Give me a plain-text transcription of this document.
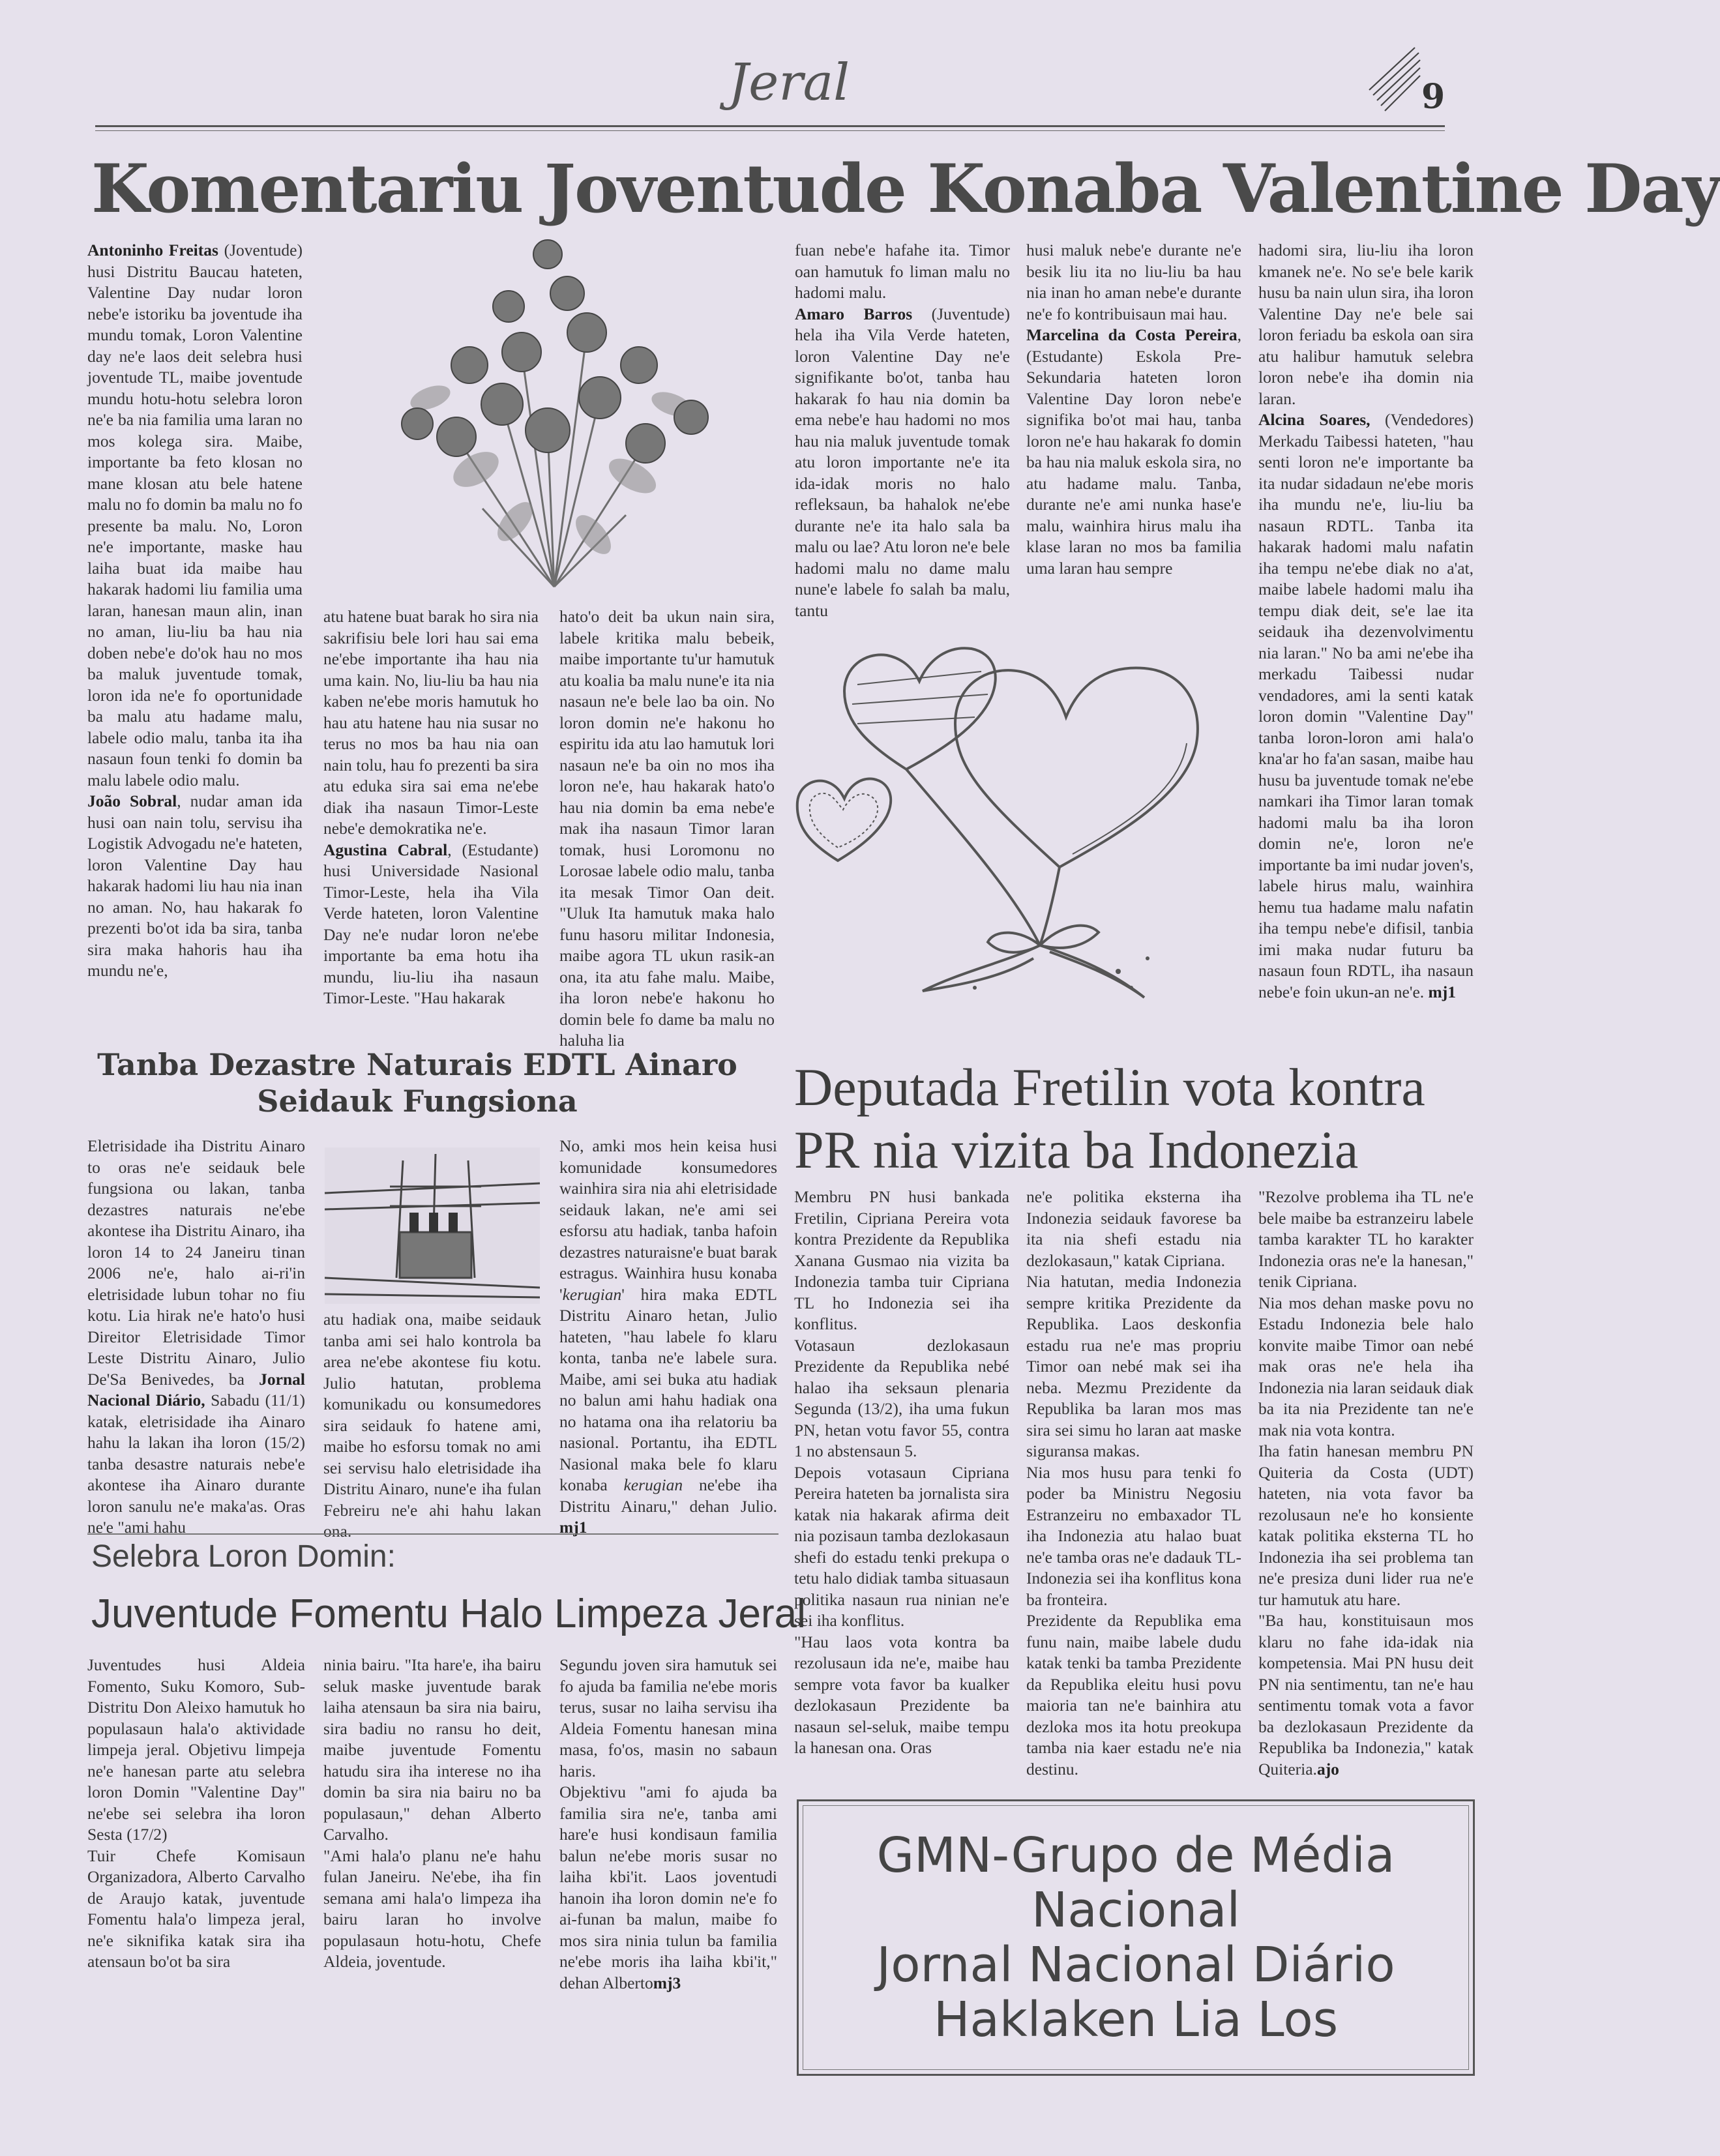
Jeral	9
Komentariu Joventude Konaba Valentine Day
Antoninho Freitas (Joventude) husi Distritu Baucau hateten, Valentine Day nudar loron nebe'e istoriku ba joventude iha mundu tomak, Loron Valentine day ne'e laos deit selebra husi joventude TL, maibe joventude mundu hotu-hotu selebra loron ne'e ba nia familia uma laran no mos kolega sira. Maibe, importante ba feto klosan no mane klosan atu bele hatene malu no fo domin ba malu no fo presente ba malu. No, Loron ne'e importante, maske hau laiha buat ida maibe hau hakarak hadomi liu familia uma laran, hanesan maun alin, inan no aman, liu-liu ba hau nia doben nebe'e do'ok hau no mos ba maluk juventude tomak, loron ida ne'e fo oportunidade ba malu atu hadame malu, labele odio malu, tanba ita iha nasaun foun tenki fo domin ba malu labele odio malu.
João Sobral, nudar aman ida husi oan nain tolu, servisu iha Logistik Advogadu ne'e hateten, loron Valentine Day hau hakarak hadomi liu hau nia inan no aman. No, hau hakarak fo prezenti bo'ot ida ba sira, tanba sira maka hahoris hau iha mundu ne'e,
atu hatene buat barak ho sira nia sakrifisiu bele lori hau sai ema ne'ebe importante iha hau nia uma kain. No, liu-liu ba hau nia kaben ne'ebe moris hamutuk ho hau atu hatene hau nia susar no terus no mos ba hau nia oan nain tolu, hau fo prezenti ba sira atu eduka sira sai ema ne'ebe diak iha nasaun Timor-Leste nebe'e demokratika ne'e.
Agustina Cabral, (Estudante) husi Universidade Nasional Timor-Leste, hela iha Vila Verde hateten, loron Valentine Day ne'e nudar loron ne'ebe importante ba ema hotu iha mundu, liu-liu iha nasaun Timor-Leste. "Hau hakarak
hato'o deit ba ukun nain sira, labele kritika malu bebeik, maibe importante tu'ur hamutuk atu koalia ba malu nune'e ita nia nasaun ne'e bele lao ba oin. No loron domin ne'e hakonu ho espiritu ida atu lao hamutuk lori nasaun ne'e ba oin no mos iha loron ne'e, hau hakarak hato'o hau nia domin ba ema nebe'e mak iha nasaun Timor laran tomak, husi Loromonu no Lorosae labele odio malu, tanba ita mesak Timor Oan deit. "Uluk Ita hamutuk maka halo funu hasoru militar Indonesia, maibe agora TL ukun rasik-an ona, ita atu fahe malu. Maibe, iha loron nebe'e hakonu ho domin bele fo dame ba malu no haluha lia
fuan nebe'e hafahe ita. Timor oan hamutuk fo liman malu no hadomi malu.
Amaro Barros (Juventude) hela iha Vila Verde hateten, loron Valentine Day ne'e signifikante bo'ot, tanba hau hakarak fo hau nia domin ba ema nebe'e hau hadomi no mos hau nia maluk juventude tomak atu loron importante ne'e ita ida-idak moris no halo refleksaun, ba hahalok ne'ebe durante ne'e ita halo sala ba malu ou lae? Atu loron ne'e bele hadomi malu no dame malu nune'e labele fo salah ba malu, tantu
husi maluk nebe'e durante ne'e besik liu ita no liu-liu ba hau nia inan ho aman nebe'e durante ne'e fo kontribuisaun mai hau.
Marcelina da Costa Pereira, (Estudante) Eskola Pre-Sekundaria hateten loron Valentine Day loron nebe'e signifika bo'ot mai hau, tanba loron ne'e hau hakarak fo domin ba hau nia maluk eskola sira, no atu hadame malu. Tanba, durante ne'e ami nunka hase'e malu, wainhira hirus malu iha klase laran no mos ba familia uma laran hau sempre
hadomi sira, liu-liu iha loron kmanek ne'e. No se'e bele karik husu ba nain ulun sira, iha loron Valentine Day ne'e bele sai loron feriadu ba eskola oan sira atu halibur hamutuk selebra loron nebe'e iha domin nia laran.
Alcina Soares, (Vendedores) Merkadu Taibessi hateten, "hau senti loron ne'e importante ba ita nudar sidadaun ne'ebe moris iha mundu ne'e, liu-liu ba nasaun RDTL. Tanba ita hakarak hadomi malu nafatin iha tempu ne'ebe diak no a'at, maibe labele hadomi malu iha tempu diak deit, se'e lae ita seidauk iha dezenvolvimentu nia laran." No ba ami ne'ebe iha merkadu Taibessi nudar vendadores, ami la senti katak loron domin "Valentine Day" tanba loron-loron ami hala'o kna'ar ho fa'an sasan, maibe hau husu ba juventude tomak ne'ebe namkari iha Timor laran tomak hadomi malu ba iha loron domin ne'e, loron ne'e importante ba imi nudar joven's, labele hirus malu, wainhira hemu tua hadame malu nafatin iha tempu nebe'e difisil, tanbia imi maka nudar futuru ba nasaun foun RDTL, iha nasaun nebe'e foin ukun-an ne'e. mj1
Tanba Dezastre Naturais EDTL Ainaro Seidauk Fungsiona
Eletrisidade iha Distritu Ainaro to oras ne'e seidauk bele fungsiona ou lakan, tanba dezastres naturais ne'ebe akontese iha Distritu Ainaro, iha loron 14 to 24 Janeiru tinan 2006 ne'e, halo ai-ri'in eletrisidade lubun tohar no fiu kotu. Lia hirak ne'e hato'o husi Direitor Eletrisidade Timor Leste Distritu Ainaro, Julio De'Sa Benivedes, ba Jornal Nacional Diário, Sabadu (11/1) katak, eletrisidade iha Ainaro hahu la lakan iha loron (15/2) tanba desastre naturais nebe'e akontese iha Ainaro durante loron sanulu ne'e maka'as. Oras ne'e "ami hahu
atu hadiak ona, maibe seidauk tanba ami sei halo kontrola ba area ne'ebe akontese fiu kotu. Julio hatutan, problema komunikadu ou konsumedores sira seidauk fo hatene ami, maibe ho esforsu tomak no ami sei servisu halo eletrisidade iha Distritu Ainaro, nune'e iha fulan Febreiru ne'e ahi hahu lakan ona.
No, amki mos hein keisa husi komunidade konsumedores wainhira sira nia ahi eletrisidade seidauk lakan, ne'e ami sei esforsu atu hadiak, tanba hafoin dezastres naturaisne'e buat barak estragus. Wainhira husu konaba 'kerugian' hira maka EDTL Distritu Ainaro hetan, Julio hateten, "hau labele fo klaru konta, tanba ne'e labele sura. Maibe, ami sei buka atu hadiak no balun ami hahu hadiak ona no hatama ona iha relatoriu ba nasional. Portantu, iha EDTL Nasional maka bele fo klaru konaba kerugian ne'ebe iha Distritu Ainaru," dehan Julio. mj1
Selebra Loron Domin:
Juventude Fomentu Halo Limpeza Jeral
Juventudes husi Aldeia Fomento, Suku Komoro, Sub-Distritu Don Aleixo hamutuk ho populasaun hala'o aktividade limpeja jeral. Objetivu limpeja ne'e hanesan parte atu selebra loron Domin "Valentine Day" ne'ebe sei selebra iha loron Sesta (17/2)
Tuir Chefe Komisaun Organizadora, Alberto Carvalho de Araujo katak, juventude Fomentu hala'o limpeza jeral, ne'e siknifika katak sira iha atensaun bo'ot ba sira
ninia bairu. "Ita hare'e, iha bairu seluk maske juventude barak laiha atensaun ba sira nia bairu, sira badiu no ransu ho deit, maibe juventude Fomentu hatudu sira iha interese no iha domin ba sira nia bairu no ba populasaun," dehan Alberto Carvalho.
"Ami hala'o planu ne'e hahu fulan Janeiru. Ne'ebe, iha fin semana ami hala'o limpeza iha bairu laran ho involve populasaun hotu-hotu, Chefe Aldeia, joventude.
Segundu joven sira hamutuk sei fo ajuda ba familia ne'ebe moris terus, susar no laiha servisu iha Aldeia Fomentu hanesan mina masa, fo'os, masin no sabaun haris.
Objektivu "ami fo ajuda ba familia sira ne'e, tanba ami hare'e husi kondisaun familia balun ne'ebe moris susar no laiha kbi'it. Laos joventudi hanoin iha loron domin ne'e fo ai-funan ba malun, maibe fo mos sira ninia tulun ba familia ne'ebe moris iha laiha kbi'it," dehan Albertomj3
Deputada Fretilin vota kontra PR nia vizita ba Indonezia
Membru PN husi bankada Fretilin, Cipriana Pereira vota kontra Prezidente da Republika Xanana Gusmao nia vizita ba Indonezia tamba tuir Cipriana TL ho Indonezia sei iha konflitus.
Votasaun dezlokasaun Prezidente da Republika nebé halao iha seksaun plenaria Segunda (13/2), iha uma fukun PN, hetan votu favor 55, contra 1 no abstensaun 5.
Depois votasaun Cipriana Pereira hateten ba jornalista sira katak nia hakarak afirma deit nia pozisaun tamba dezlokasaun shefi do estadu tenki prekupa o tetu halo didiak tamba situasaun politika nasaun rua ninian ne'e sei iha konflitus.
"Hau laos vota kontra ba rezolusaun ida ne'e, maibe hau sempre vota favor ba kualker dezlokasaun Prezidente ba nasaun sel-seluk, maibe tempu la hanesan ona. Oras
ne'e politika eksterna iha Indonezia seidauk favorese ba ita nia shefi estadu nia dezlokasaun," katak Cipriana.
Nia hatutan, media Indonezia sempre kritika Prezidente da Republika. Laos deskonfia estadu rua ne'e mas propriu Timor oan nebé mak sei iha neba. Mezmu Prezidente da Republika ba laran mos mas sira sei simu ho laran aat maske siguransa makas.
Nia mos husu para tenki fo poder ba Ministru Negosiu Estranzeiru no embaxador TL iha Indonezia atu halao buat ne'e tamba oras ne'e dadauk TL-Indonezia sei iha konflitus kona ba fronteira.
Prezidente da Republika ema funu nain, maibe labele dudu katak tenki ba tamba Prezidente da Republika eleitu husi povu maioria tan ne'e bainhira atu dezloka mos ita hotu preokupa tamba nia kaer estadu ne'e nia destinu.
"Rezolve problema iha TL ne'e bele maibe ba estranzeiru labele tamba karakter TL ho karakter Indonezia oras ne'e la hanesan," tenik Cipriana.
Nia mos dehan maske povu no Estadu Indonezia bele halo konvite maibe Timor oan nebé mak oras ne'e hela iha Indonezia nia laran seidauk diak ba ita nia Prezidente tan ne'e mak nia vota kontra.
Iha fatin hanesan membru PN Quiteria da Costa (UDT) hateten, nia vota favor ba rezolusaun ne'e ho konsiente katak politika eksterna TL ho Indonezia iha sei problema tan ne'e presiza duni lider rua ne'e tur hamutuk atu hare.
"Ba hau, konstituisaun mos klaru no fahe ida-idak nia kompetensia. Mai PN husu deit PN nia sentimentu, tan ne'e hau sentimentu tomak vota a favor ba dezlokasaun Prezidente da Republika ba Indonezia," katak Quiteria.ajo
GMN-Grupo de Média
Nacional
Jornal Nacional Diário
Haklaken Lia Los
